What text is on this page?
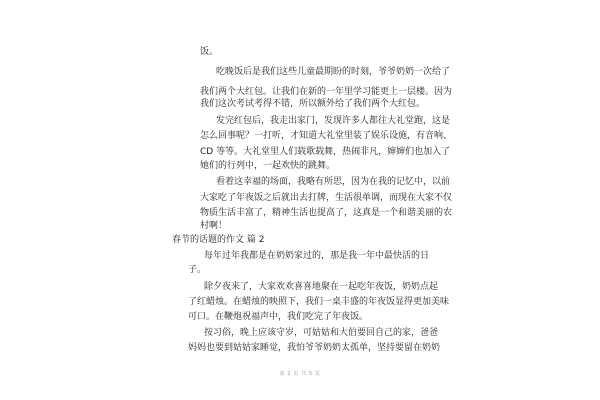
饭。
吃晚饭后是我们这些儿童最期盼的时刻，爷爷奶奶一次给了
我们两个大红包。让我们在新的一年里学习能更上一层楼。因为
我们这次考试考得不错，所以额外给了我们两个大红包。
发完红包后，我走出家门，发现许多人都往大礼堂跑，这是
怎么回事呢？一打听，才知道大礼堂里装了娱乐设施，有音响、
CD 等等。大礼堂里人们载歌载舞，热闹非凡，婶婶们也加入了
她们的行列中，一起欢快的跳舞。
看着这幸福的场面，我略有所思，因为在我的记忆中，以前
大家吃了年夜饭之后就出去打牌，生活很单调，而现在大家不仅
物质生活丰富了，精神生活也提高了，这真是一个和谐美丽的农
村啊！
春节的话题的作文 篇 2
每年过年我都是在奶奶家过的，那是我一年中最快活的日
子。
除夕夜来了，大家欢欢喜喜地聚在一起吃年夜饭，奶奶点起
了红蜡烛。在蜡烛的映照下，我们一桌丰盛的年夜饭显得更加美味
可口。在鞭炮祝福声中，我们吃完了年夜饭。
按习俗，晚上应该守岁，可姑姑和大伯要回自己的家，爸爸
妈妈也要到姑姑家睡觉，我怕爷爷奶奶太孤单，坚持要留在奶奶
第 2 页 共 5 页
